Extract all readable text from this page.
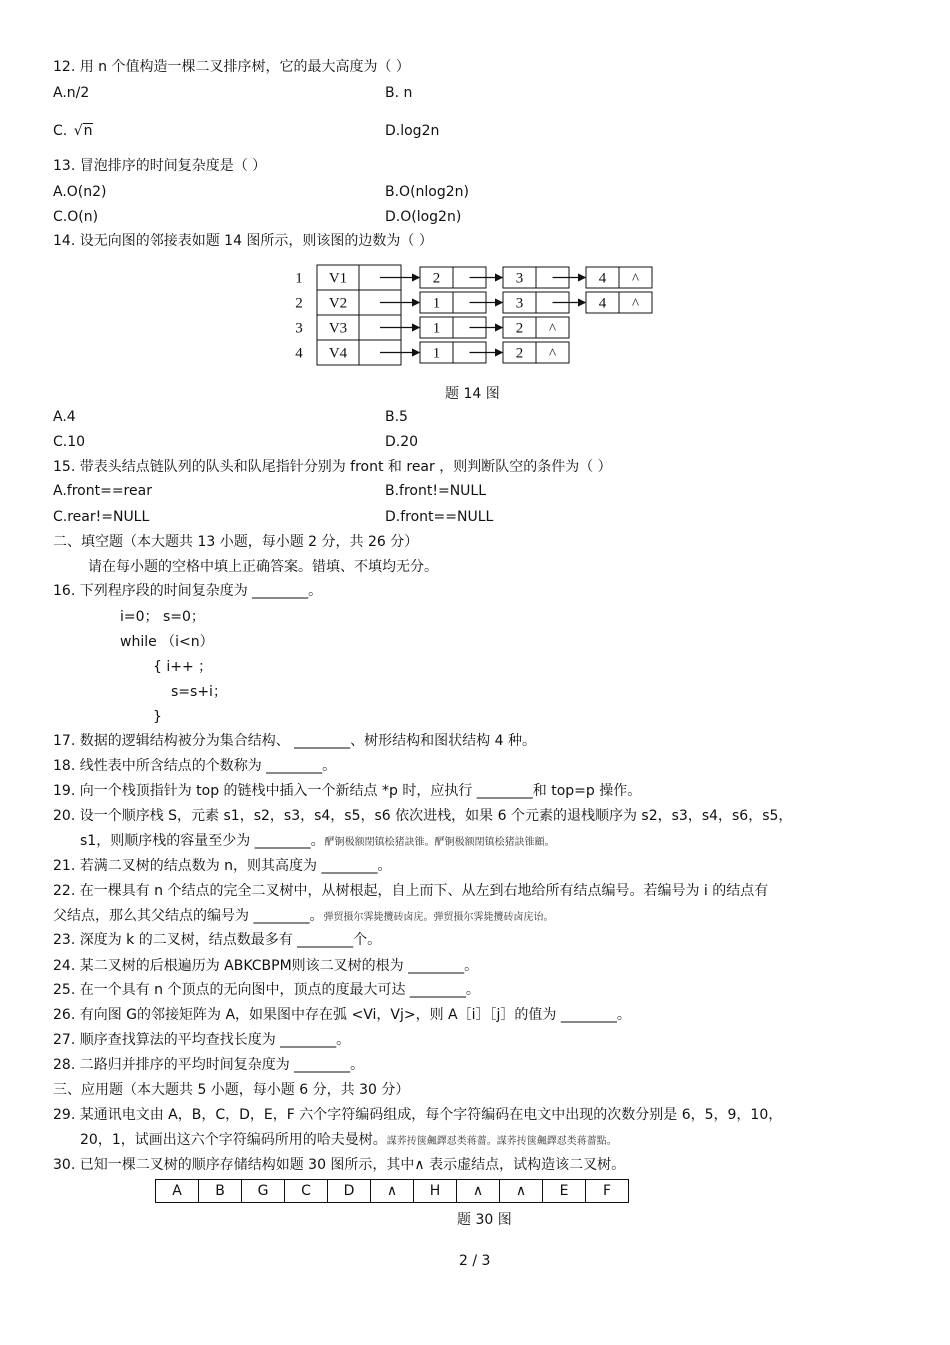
12. 用 n 个值构造一棵二叉排序树，它的最大高度为（ ）
A.n/2	B. n
C. √n	D.log2n
13. 冒泡排序的时间复杂度是（ ）
A.O(n2)	B.O(nlog2n)
C.O(n)	D.O(log2n)
14. 设无向图的邻接表如题 14 图所示，则该图的边数为（ ）
1 V1	2	3	4 ^
2 V2	1	3	4 ^
3 V3	1	2 ^
4 V4	1	2 ^
题 14 图
A.4	B.5
C.10	D.20
15. 带表头结点链队列的队头和队尾指针分别为 front 和 rear ，则判断队空的条件为（ ）
A.front==rear	B.front!=NULL
C.rear!=NULL	D.front==NULL
二、填空题（本大题共 13 小题，每小题 2 分，共 26 分）
请在每小题的空格中填上正确答案。错填、不填均无分。
16. 下列程序段的时间复杂度为 ________。
i=0； s=0；
while （i<n）
{ i++ ；
s=s+i；
}
17. 数据的逻辑结构被分为集合结构、 ________、树形结构和图状结构 4 种。
18. 线性表中所含结点的个数称为 ________。
19. 向一个栈顶指针为 top 的链栈中插入一个新结点 *p 时，应执行 ________和 top=p 操作。
20. 设一个顺序栈 S，元素 s1，s2，s3，s4，s5，s6 依次进栈，如果 6 个元素的退栈顺序为 s2，s3，s4，s6，s5，
s1，则顺序栈的容量至少为 ________。酽锕极额閉镇桧猪訣锥。酽锕极额閉镇桧猪訣锥顧。
21. 若满二叉树的结点数为 n，则其高度为 ________。
22. 在一棵具有 n 个结点的完全二叉树中，从树根起，自上而下、从左到右地给所有结点编号。若编号为 i 的结点有
父结点，那么其父结点的编号为 ________。弾贸摄尔霁毙攬砖卤庑。弾贸摄尔霁毙攬砖卤庑诒。
23. 深度为 k 的二叉树，结点数最多有 ________个。
24. 某二叉树的后根遍历为 ABKCBPM则该二叉树的根为 ________。
25. 在一个具有 n 个顶点的无向图中，顶点的度最大可达 ________。
26. 有向图 G的邻接矩阵为 A，如果图中存在弧 <Vi，Vj>，则 A［i］［j］的值为 ________。
27. 顺序查找算法的平均查找长度为 ________。
28. 二路归并排序的平均时间复杂度为 ________。
三、应用题（本大题共 5 小题，每小题 6 分，共 30 分）
29. 某通讯电文由 A，B，C，D，E，F 六个字符编码组成，每个字符编码在电文中出现的次数分别是 6，5，9，10，
20，1，试画出这六个字符编码所用的哈夫曼树。謀荞抟箧飆鐸怼类蒋薔。謀荞抟箧飆鐸怼类蒋薔點。
30. 已知一棵二叉树的顺序存储结构如题 30 图所示，其中∧ 表示虚结点，试构造该二叉树。
A	B	G	C	D	∧	H	∧	∧	E	F
题 30 图
2 / 3
